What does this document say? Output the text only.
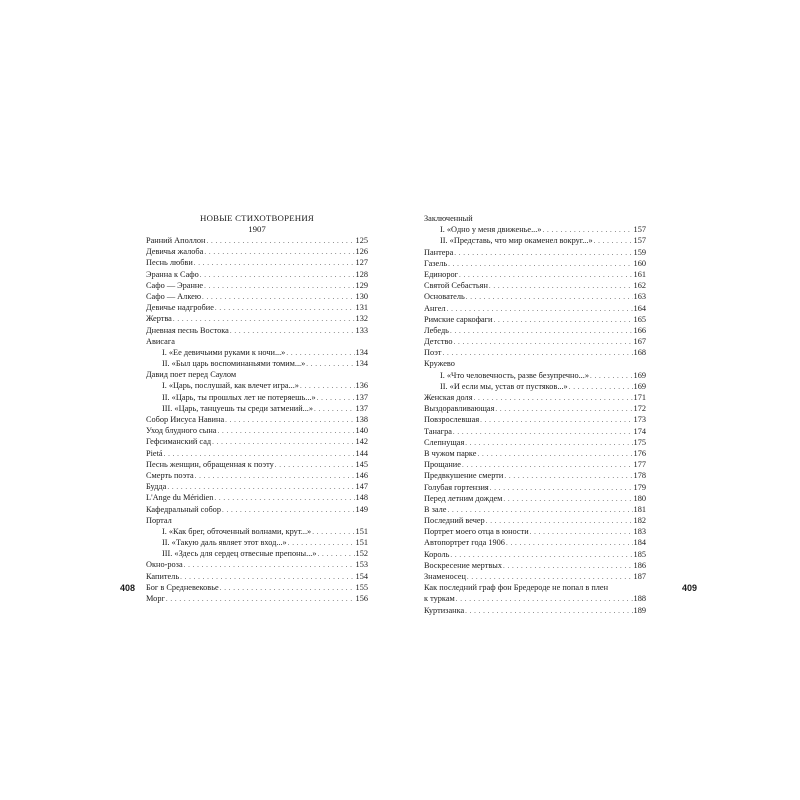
НОВЫЕ СТИХОТВОРЕНИЯ
1907
Ранний Аполлон . . .	125
Девичья жалоба . . .	126
Песнь любви . . .	127
Эранна к Сафо . . .	128
Сафо — Эранне . . .	129
Сафо — Алкею . . .	130
Девичье надгробие . . .	131
Жертва . . .	132
Дневная песнь Востока . . .	133
Ависага
I. «Ее девичьими руками к ночи...» . . .	134
II. «Был царь воспоминаньями томим...» . . .	134
Давид поет перед Саулом
I. «Царь, послушай, как влечет игра...» . . .	136
II. «Царь, ты прошлых лет не потеряешь...» . . .	137
III. «Царь, танцуешь ты среди затмений...» . . .	137
Собор Иисуса Навина . . .	138
Уход блудного сына . . .	140
Гефсиманский сад . . .	142
Pietá . . .	144
Песнь женщин, обращенная к поэту . . .	145
Смерть поэта . . .	146
Будда . . .	147
L'Ange du Méridien . . .	148
Кафедральный собор . . .	149
Портал
I. «Как брег, обточенный волнами, крут...» . . .	151
II. «Такую даль являет этот вход...» . . .	151
III. «Здесь для сердец отвесные препоны...» . . .	152
Окно-роза . . .	153
Капитель . . .	154
Бог в Средневековье . . .	155
Морг . . .	156
408
Заключенный
I. «Одно у меня движенье...» . . .	157
II. «Представь, что мир окаменел вокруг...» . . .	157
Пантера . . .	159
Газель . . .	160
Единорог . . .	161
Святой Себастьян . . .	162
Основатель . . .	163
Ангел . . .	164
Римские саркофаги . . .	165
Лебедь . . .	166
Детство . . .	167
Поэт . . .	168
Кружево
I. «Что человечность, разве безупречно...» . . .	169
II. «И если мы, устав от пустяков...» . . .	169
Женская доля . . .	171
Выздоравливающая . . .	172
Повзрослевшая . . .	173
Танагра . . .	174
Слепнущая . . .	175
В чужом парке . . .	176
Прощание . . .	177
Предвкушение смерти . . .	178
Голубая гортензия . . .	179
Перед летним дождем . . .	180
В зале . . .	181
Последний вечер . . .	182
Портрет моего отца в юности . . .	183
Автопортрет года 1906 . . .	184
Король . . .	185
Воскресение мертвых . . .	186
Знаменосец . . .	187
Как последний граф фон Бредероде не попал в плен
к туркам . . .	188
Куртизанка . . .	189
409
